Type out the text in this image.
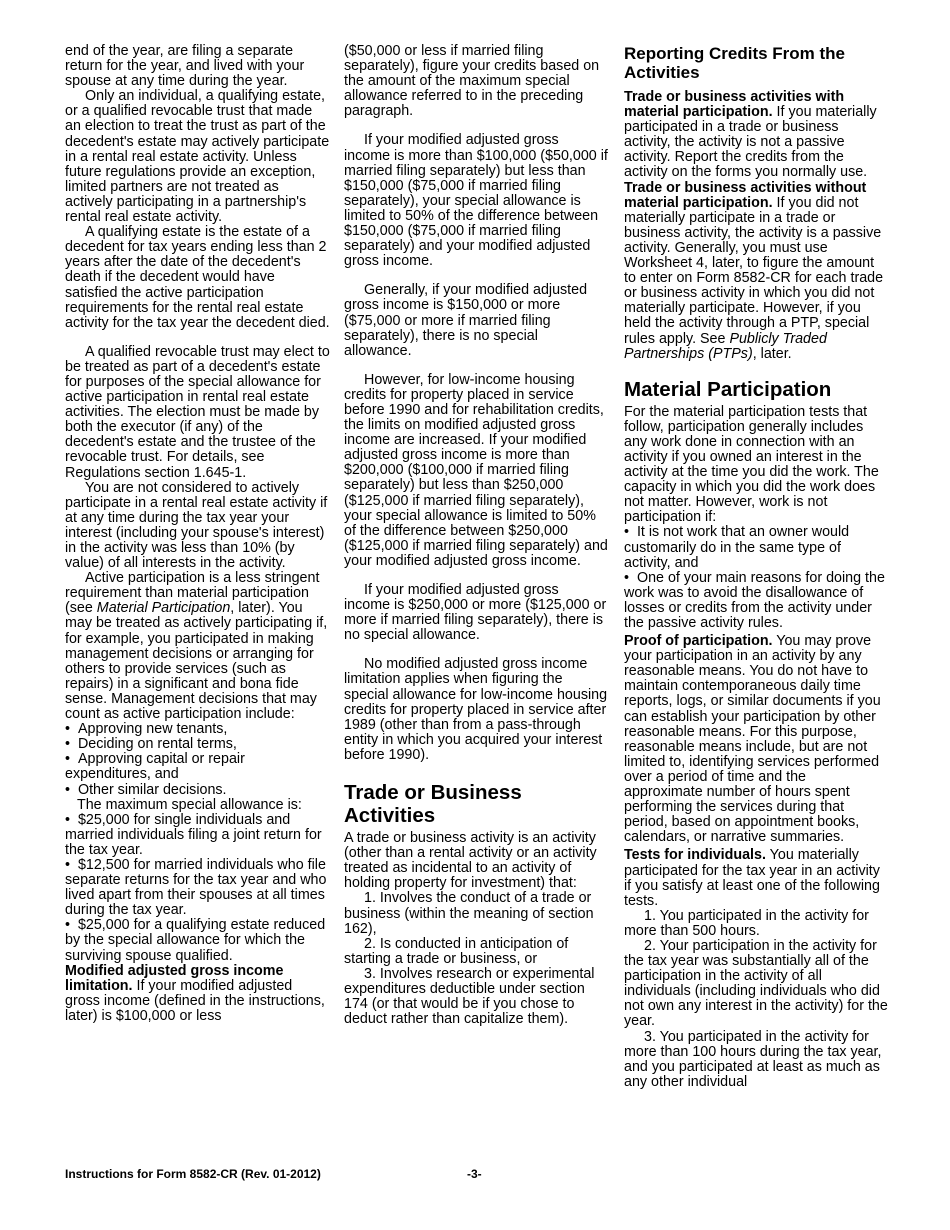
end of the year, are filing a separate return for the year, and lived with your spouse at any time during the year.

Only an individual, a qualifying estate, or a qualified revocable trust that made an election to treat the trust as part of the decedent's estate may actively participate in a rental real estate activity. Unless future regulations provide an exception, limited partners are not treated as actively participating in a partnership's rental real estate activity.

A qualifying estate is the estate of a decedent for tax years ending less than 2 years after the date of the decedent's death if the decedent would have satisfied the active participation requirements for the rental real estate activity for the tax year the decedent died.

A qualified revocable trust may elect to be treated as part of a decedent's estate for purposes of the special allowance for active participation in rental real estate activities. The election must be made by both the executor (if any) of the decedent's estate and the trustee of the revocable trust. For details, see Regulations section 1.645-1.

You are not considered to actively participate in a rental real estate activity if at any time during the tax year your interest (including your spouse's interest) in the activity was less than 10% (by value) of all interests in the activity.

Active participation is a less stringent requirement than material participation (see Material Participation, later). You may be treated as actively participating if, for example, you participated in making management decisions or arranging for others to provide services (such as repairs) in a significant and bona fide sense. Management decisions that may count as active participation include:

•  Approving new tenants,
•  Deciding on rental terms,
•  Approving capital or repair expenditures, and
•  Other similar decisions.

The maximum special allowance is:

•  $25,000 for single individuals and married individuals filing a joint return for the tax year.
•  $12,500 for married individuals who file separate returns for the tax year and who lived apart from their spouses at all times during the tax year.
•  $25,000 for a qualifying estate reduced by the special allowance for which the surviving spouse qualified.

Modified adjusted gross income limitation. If your modified adjusted gross income (defined in the instructions, later) is $100,000 or less

($50,000 or less if married filing separately), figure your credits based on the amount of the maximum special allowance referred to in the preceding paragraph.

If your modified adjusted gross income is more than $100,000 ($50,000 if married filing separately) but less than $150,000 ($75,000 if married filing separately), your special allowance is limited to 50% of the difference between $150,000 ($75,000 if married filing separately) and your modified adjusted gross income.

Generally, if your modified adjusted gross income is $150,000 or more ($75,000 or more if married filing separately), there is no special allowance.

However, for low-income housing credits for property placed in service before 1990 and for rehabilitation credits, the limits on modified adjusted gross income are increased. If your modified adjusted gross income is more than $200,000 ($100,000 if married filing separately) but less than $250,000 ($125,000 if married filing separately), your special allowance is limited to 50% of the difference between $250,000 ($125,000 if married filing separately) and your modified adjusted gross income.

If your modified adjusted gross income is $250,000 or more ($125,000 or more if married filing separately), there is no special allowance.

No modified adjusted gross income limitation applies when figuring the special allowance for low-income housing credits for property placed in service after 1989 (other than from a pass-through entity in which you acquired your interest before 1990).

Trade or Business Activities

A trade or business activity is an activity (other than a rental activity or an activity treated as incidental to an activity of holding property for investment) that:

1. Involves the conduct of a trade or business (within the meaning of section 162),

2. Is conducted in anticipation of starting a trade or business, or

3. Involves research or experimental expenditures deductible under section 174 (or that would be if you chose to deduct rather than capitalize them).

Reporting Credits From the Activities

Trade or business activities with material participation. If you materially participated in a trade or business activity, the activity is not a passive activity. Report the credits from the activity on the forms you normally use.

Trade or business activities without material participation. If you did not materially participate in a trade or business activity, the activity is a passive activity. Generally, you must use Worksheet 4, later, to figure the amount to enter on Form 8582-CR for each trade or business activity in which you did not materially participate. However, if you held the activity through a PTP, special rules apply. See Publicly Traded Partnerships (PTPs), later.

Material Participation

For the material participation tests that follow, participation generally includes any work done in connection with an activity if you owned an interest in the activity at the time you did the work. The capacity in which you did the work does not matter. However, work is not participation if:

•  It is not work that an owner would customarily do in the same type of activity, and
•  One of your main reasons for doing the work was to avoid the disallowance of losses or credits from the activity under the passive activity rules.

Proof of participation. You may prove your participation in an activity by any reasonable means. You do not have to maintain contemporaneous daily time reports, logs, or similar documents if you can establish your participation by other reasonable means. For this purpose, reasonable means include, but are not limited to, identifying services performed over a period of time and the approximate number of hours spent performing the services during that period, based on appointment books, calendars, or narrative summaries.

Tests for individuals. You materially participated for the tax year in an activity if you satisfy at least one of the following tests.

1. You participated in the activity for more than 500 hours.

2. Your participation in the activity for the tax year was substantially all of the participation in the activity of all individuals (including individuals who did not own any interest in the activity) for the year.

3. You participated in the activity for more than 100 hours during the tax year, and you participated at least as much as any other individual

Instructions for Form 8582-CR (Rev. 01-2012)	-3-
